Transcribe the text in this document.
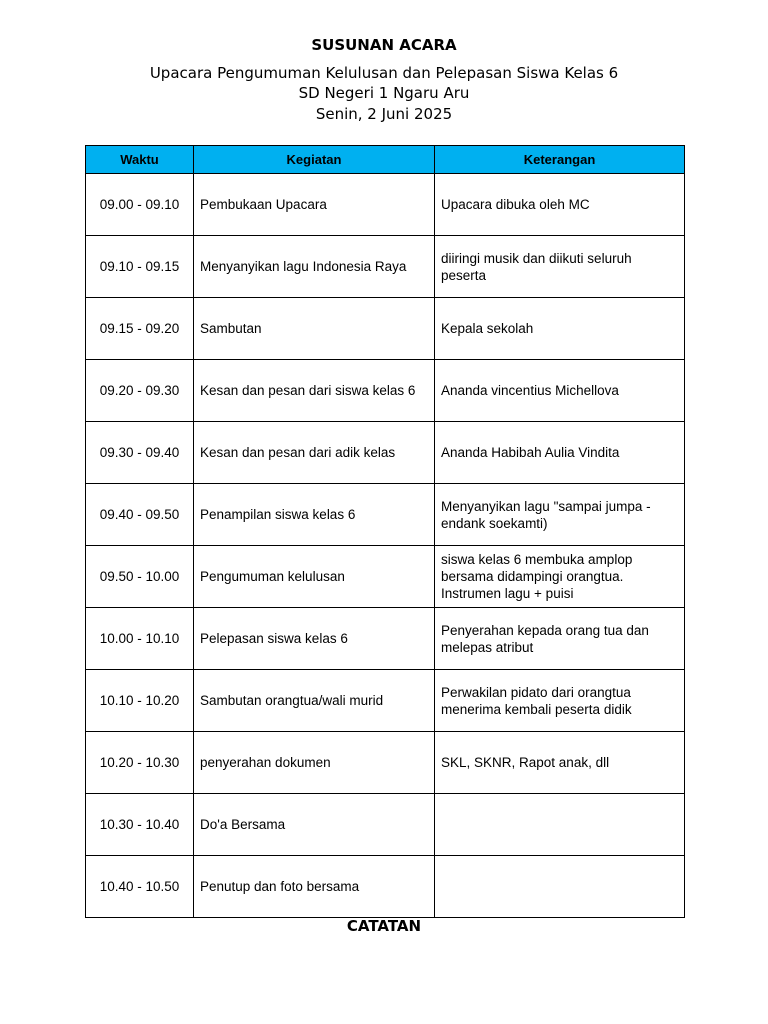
SUSUNAN ACARA
Upacara Pengumuman Kelulusan dan Pelepasan Siswa Kelas 6
SD Negeri 1 Ngaru Aru
Senin, 2 Juni 2025
Waktu	Kegiatan	Keterangan
09.00 - 09.10	Pembukaan Upacara	Upacara dibuka oleh MC
09.10 - 09.15	Menyanyikan lagu Indonesia Raya	diiringi musik dan diikuti seluruh peserta
09.15 - 09.20	Sambutan	Kepala sekolah
09.20 - 09.30	Kesan dan pesan dari siswa kelas 6	Ananda vincentius Michellova
09.30 - 09.40	Kesan dan pesan dari adik kelas	Ananda Habibah Aulia Vindita
09.40 - 09.50	Penampilan siswa kelas 6	Menyanyikan lagu "sampai jumpa - endank soekamti)
09.50 - 10.00	Pengumuman kelulusan	siswa kelas 6 membuka amplop bersama didampingi orangtua. Instrumen lagu + puisi
10.00 - 10.10	Pelepasan siswa kelas 6	Penyerahan kepada orang tua dan melepas atribut
10.10 - 10.20	Sambutan orangtua/wali murid	Perwakilan pidato dari orangtua menerima kembali peserta didik
10.20 - 10.30	penyerahan dokumen	SKL, SKNR, Rapot anak, dll
10.30 - 10.40	Do'a Bersama	
10.40 - 10.50	Penutup dan foto bersama	
CATATAN
